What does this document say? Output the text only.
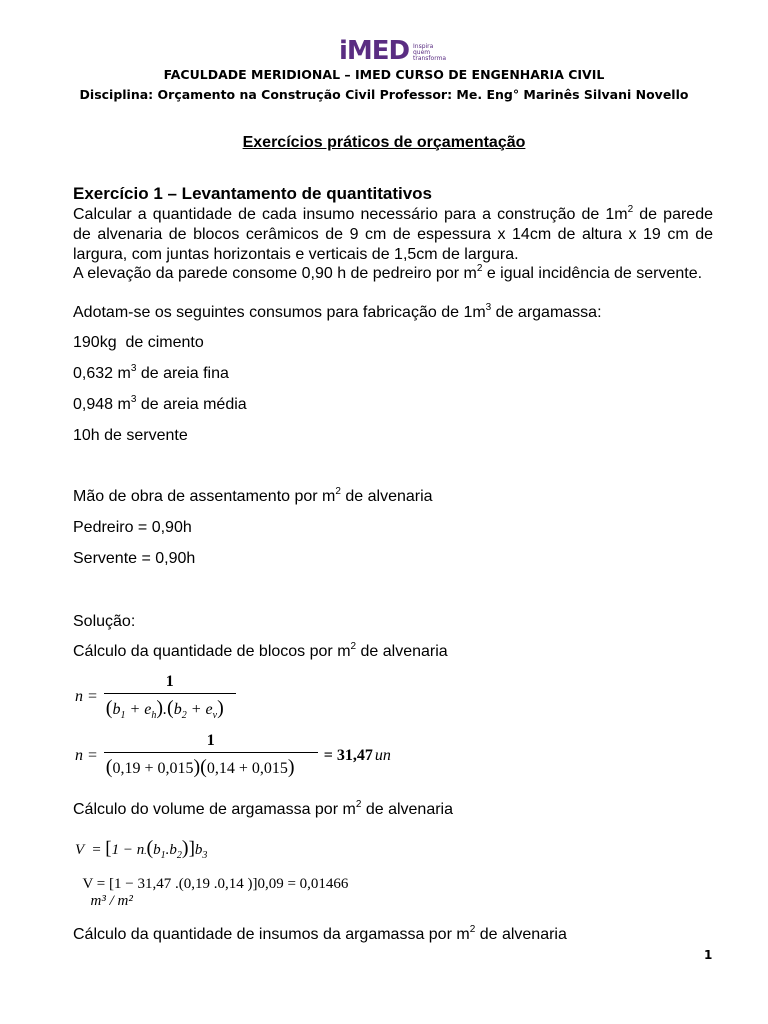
iMED Inspira
quem
transforma
FACULDADE MERIDIONAL – IMED CURSO DE ENGENHARIA CIVIL
Disciplina: Orçamento na Construção Civil Professor: Me. Eng° Marinês Silvani Novello
Exercícios práticos de orçamentação
Exercício 1 – Levantamento de quantitativos
Calcular a quantidade de cada insumo necessário para a construção de $1m^2$ de parede de alvenaria de blocos cerâmicos de 9 cm de espessura x 14cm de altura x 19 cm de largura, com juntas horizontais e verticais de 1,5cm de largura.
A elevação da parede consome 0,90 h de pedreiro por $m^2$ e igual incidência de servente.
Adotam-se os seguintes consumos para fabricação de $1m^3$ de argamassa:
190kg  de cimento
0,632 $m^3$ de areia fina
0,948 $m^3$ de areia média
10h de servente
Mão de obra de assentamento por $m^2$ de alvenaria
Pedreiro = 0,90h
Servente = 0,90h
Solução:
Cálculo da quantidade de blocos por $m^2$ de alvenaria
$n = \frac{1}{(b_1 + e_h).(b_2 + e_v)}$
$n = \frac{1}{(0,19 + 0,015)(0,14 + 0,015)} = 31,47$ un
Cálculo do volume de argamassa por $m^2$ de alvenaria
$V = [1 - n.(b_1.b_2)]b_3$

V = [1 − 31,47 .(0,19 .0,14 )]0,09 = 0,01466
m³ / m²

Cálculo da quantidade de insumos da argamassa por $m^2$ de alvenaria
1
